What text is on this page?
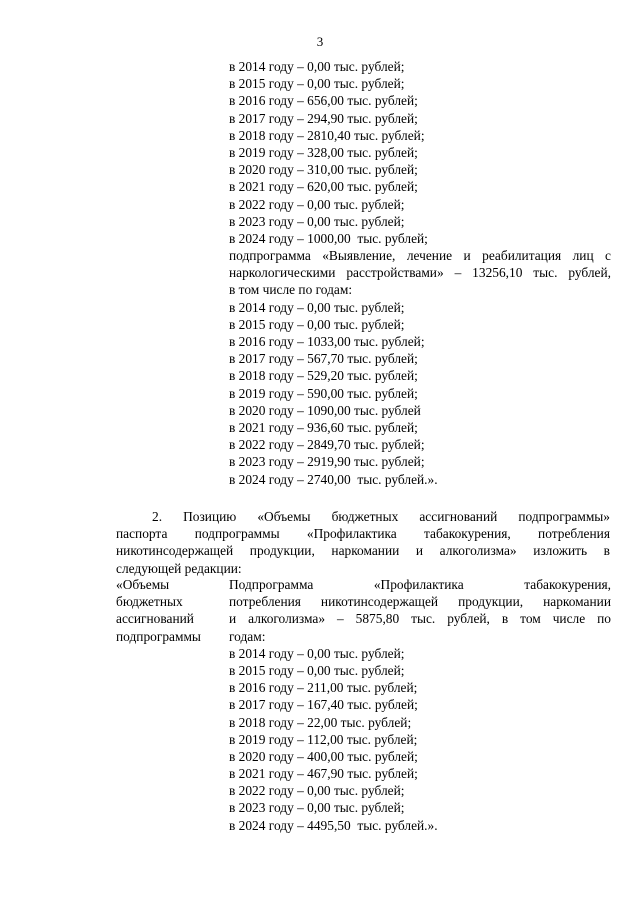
3
в 2014 году – 0,00 тыс. рублей;
в 2015 году – 0,00 тыс. рублей;
в 2016 году – 656,00 тыс. рублей;
в 2017 году – 294,90 тыс. рублей;
в 2018 году – 2810,40 тыс. рублей;
в 2019 году – 328,00 тыс. рублей;
в 2020 году – 310,00 тыс. рублей;
в 2021 году – 620,00 тыс. рублей;
в 2022 году – 0,00 тыс. рублей;
в 2023 году – 0,00 тыс. рублей;
в 2024 году – 1000,00  тыс. рублей;
подпрограмма «Выявление, лечение и реабилитация лиц с
наркологическими расстройствами» – 13256,10 тыс. рублей,
в том числе по годам:
в 2014 году – 0,00 тыс. рублей;
в 2015 году – 0,00 тыс. рублей;
в 2016 году – 1033,00 тыс. рублей;
в 2017 году – 567,70 тыс. рублей;
в 2018 году – 529,20 тыс. рублей;
в 2019 году – 590,00 тыс. рублей;
в 2020 году – 1090,00 тыс. рублей
в 2021 году – 936,60 тыс. рублей;
в 2022 году – 2849,70 тыс. рублей;
в 2023 году – 2919,90 тыс. рублей;
в 2024 году – 2740,00  тыс. рублей.».
2. Позицию «Объемы бюджетных ассигнований подпрограммы»
паспорта подпрограммы «Профилактика табакокурения, потребления
никотинсодержащей продукции, наркомании и алкоголизма» изложить в
следующей редакции:
«Объемы
бюджетных
ассигнований
подпрограммы
Подпрограмма «Профилактика табакокурения,
потребления никотинсодержащей продукции, наркомании
и алкоголизма» – 5875,80 тыс. рублей, в том числе по
годам:
в 2014 году – 0,00 тыс. рублей;
в 2015 году – 0,00 тыс. рублей;
в 2016 году – 211,00 тыс. рублей;
в 2017 году – 167,40 тыс. рублей;
в 2018 году – 22,00 тыс. рублей;
в 2019 году – 112,00 тыс. рублей;
в 2020 году – 400,00 тыс. рублей;
в 2021 году – 467,90 тыс. рублей;
в 2022 году – 0,00 тыс. рублей;
в 2023 году – 0,00 тыс. рублей;
в 2024 году – 4495,50  тыс. рублей.».
